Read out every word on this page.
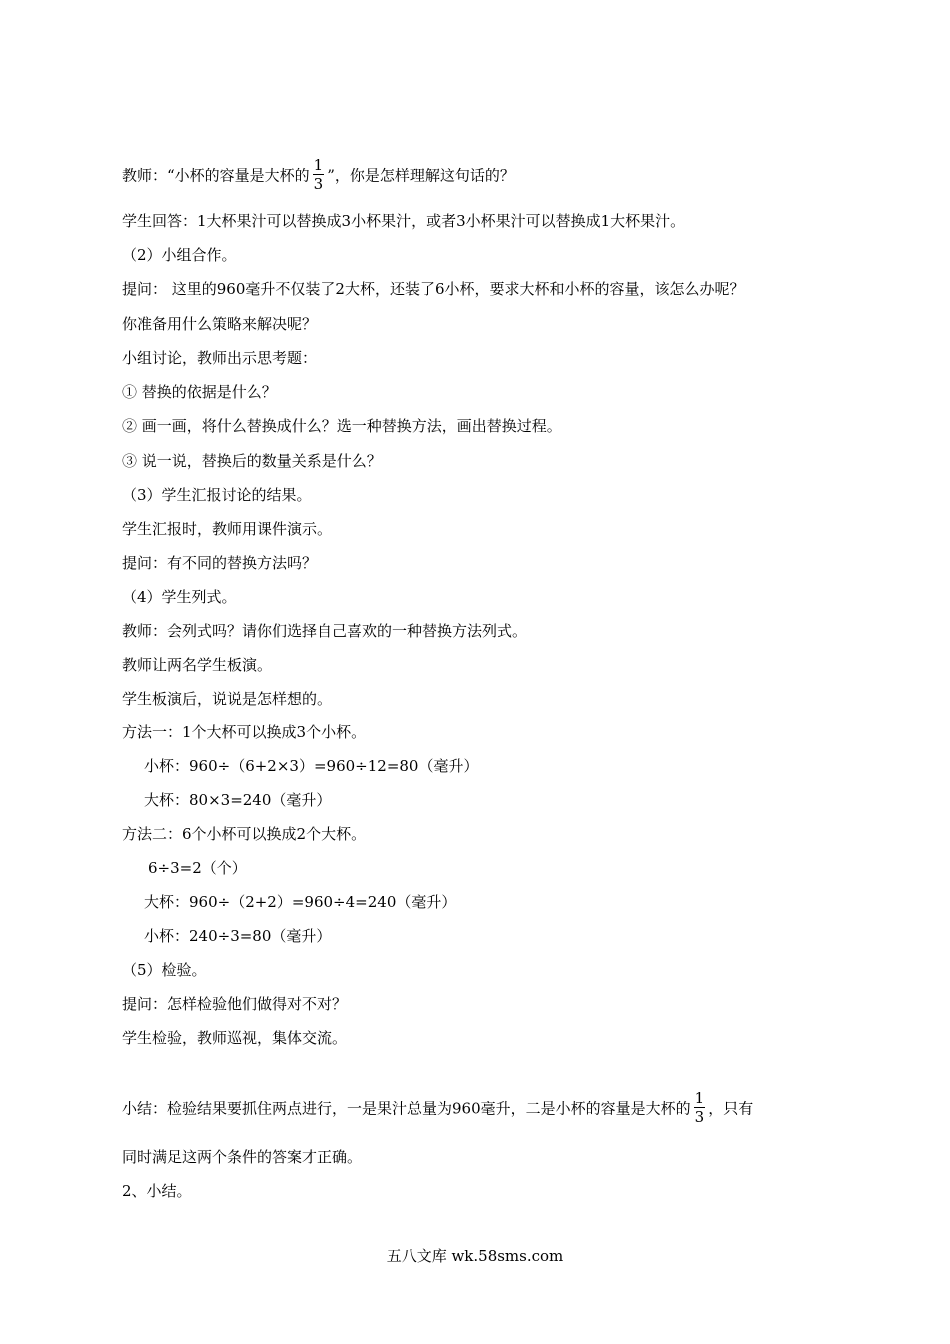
教师：“小杯的容量是大杯的 $\frac{1}{3}$ ”，你是怎样理解这句话的？
学生回答：1大杯果汁可以替换成3小杯果汁，或者3小杯果汁可以替换成1大杯果汁。
（2）小组合作。
提问： 这里的960毫升不仅装了2大杯，还装了6小杯，要求大杯和小杯的容量，该怎么办呢？
你准备用什么策略来解决呢？
小组讨论，教师出示思考题：
① 替换的依据是什么？
② 画一画，将什么替换成什么？选一种替换方法，画出替换过程。
③ 说一说，替换后的数量关系是什么？
（3）学生汇报讨论的结果。
学生汇报时，教师用课件演示。
提问：有不同的替换方法吗？
（4）学生列式。
教师：会列式吗？请你们选择自己喜欢的一种替换方法列式。
教师让两名学生板演。
学生板演后，说说是怎样想的。
方法一：1个大杯可以换成3个小杯。
小杯：960÷（6+2×3）=960÷12=80（毫升）
大杯：80×3=240（毫升）
方法二：6个小杯可以换成2个大杯。
6÷3=2（个）
大杯：960÷（2+2）=960÷4=240（毫升）
小杯：240÷3=80（毫升）
（5）检验。
提问：怎样检验他们做得对不对？
学生检验，教师巡视，集体交流。
小结：检验结果要抓住两点进行，一是果汁总量为960毫升，二是小杯的容量是大杯的 $\frac{1}{3}$ ，只有
同时满足这两个条件的答案才正确。
2、小结。
五八文库 wk.58sms.com
